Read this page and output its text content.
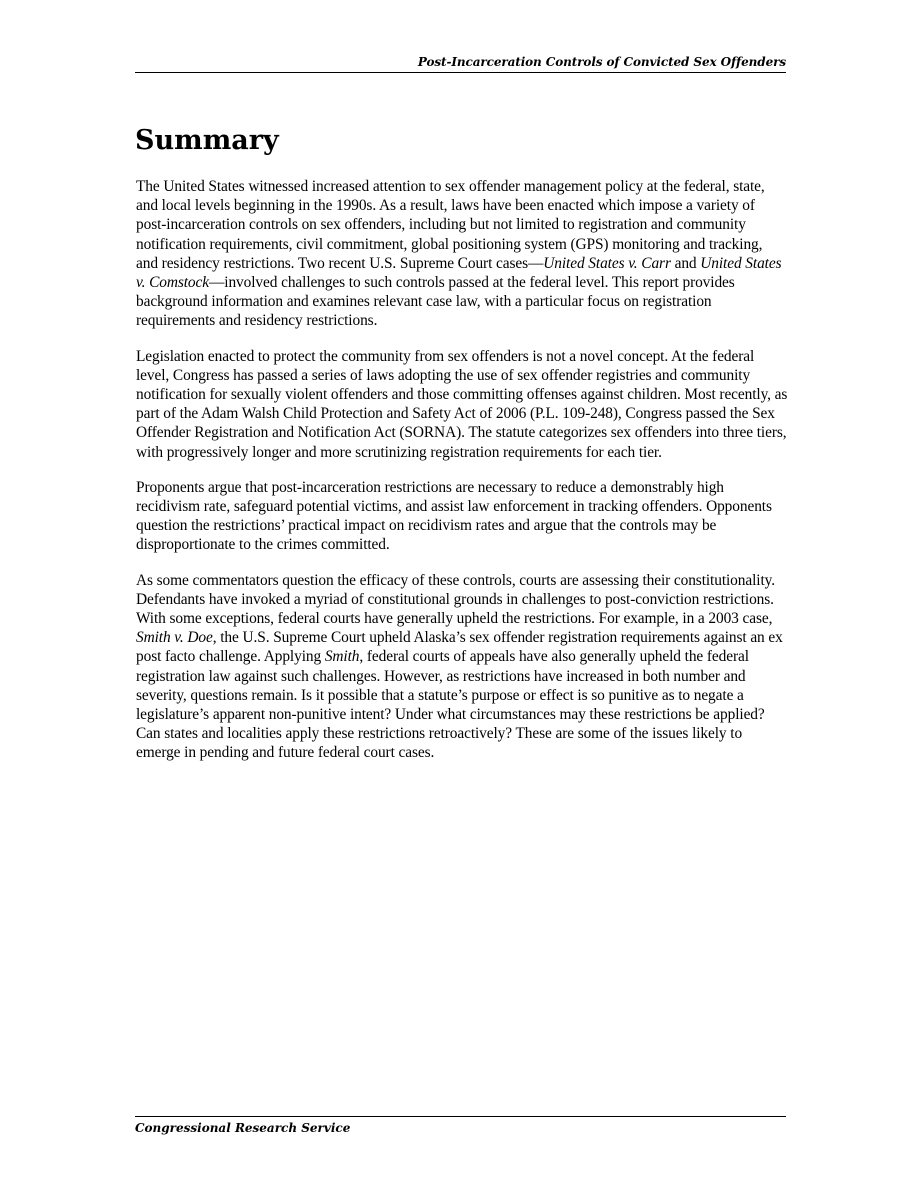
Post-Incarceration Controls of Convicted Sex Offenders
Summary

The United States witnessed increased attention to sex offender management policy at the federal, state, and local levels beginning in the 1990s. As a result, laws have been enacted which impose a variety of post-incarceration controls on sex offenders, including but not limited to registration and community notification requirements, civil commitment, global positioning system (GPS) monitoring and tracking, and residency restrictions. Two recent U.S. Supreme Court cases—United States v. Carr and United States v. Comstock—involved challenges to such controls passed at the federal level. This report provides background information and examines relevant case law, with a particular focus on registration requirements and residency restrictions.

Legislation enacted to protect the community from sex offenders is not a novel concept. At the federal level, Congress has passed a series of laws adopting the use of sex offender registries and community notification for sexually violent offenders and those committing offenses against children. Most recently, as part of the Adam Walsh Child Protection and Safety Act of 2006 (P.L. 109-248), Congress passed the Sex Offender Registration and Notification Act (SORNA). The statute categorizes sex offenders into three tiers, with progressively longer and more scrutinizing registration requirements for each tier.

Proponents argue that post-incarceration restrictions are necessary to reduce a demonstrably high recidivism rate, safeguard potential victims, and assist law enforcement in tracking offenders. Opponents question the restrictions’ practical impact on recidivism rates and argue that the controls may be disproportionate to the crimes committed.

As some commentators question the efficacy of these controls, courts are assessing their constitutionality. Defendants have invoked a myriad of constitutional grounds in challenges to post-conviction restrictions. With some exceptions, federal courts have generally upheld the restrictions. For example, in a 2003 case, Smith v. Doe, the U.S. Supreme Court upheld Alaska’s sex offender registration requirements against an ex post facto challenge. Applying Smith, federal courts of appeals have also generally upheld the federal registration law against such challenges. However, as restrictions have increased in both number and severity, questions remain. Is it possible that a statute’s purpose or effect is so punitive as to negate a legislature’s apparent non-punitive intent? Under what circumstances may these restrictions be applied? Can states and localities apply these restrictions retroactively? These are some of the issues likely to emerge in pending and future federal court cases.

Congressional Research Service
